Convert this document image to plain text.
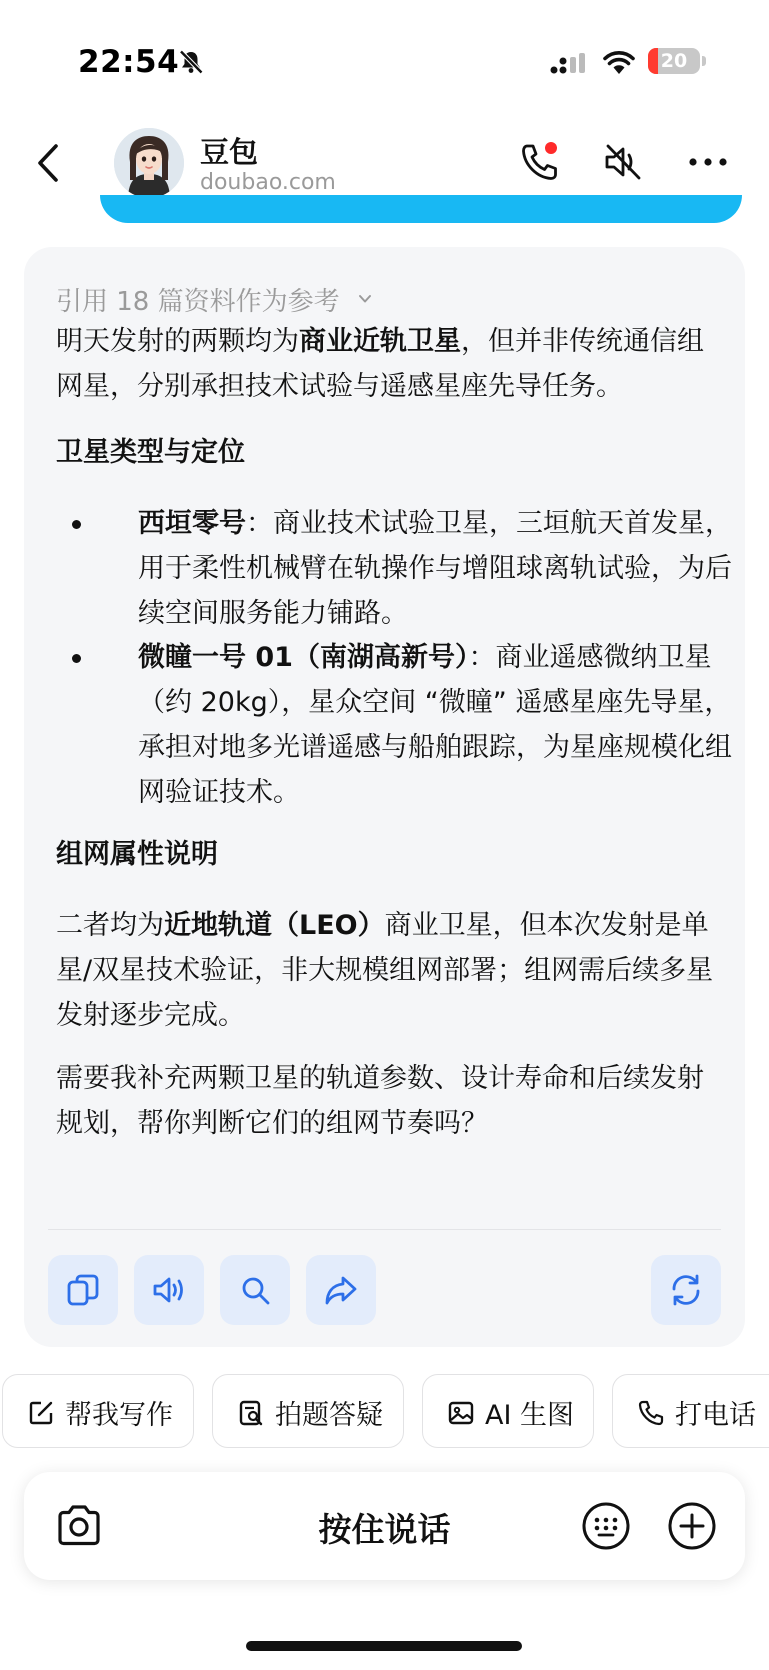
22:54	20
豆包
doubao.com
引用 18 篇资料作为参考
明天发射的两颗均为商业近轨卫星，但并非传统通信组网星，分别承担技术试验与遥感星座先导任务。
卫星类型与定位
西垣零号：商业技术试验卫星，三垣航天首发星，用于柔性机械臂在轨操作与增阻球离轨试验，为后续空间服务能力铺路。
微瞳一号 01（南湖高新号）：商业遥感微纳卫星（约 20kg），星众空间 “微瞳” 遥感星座先导星，承担对地多光谱遥感与船舶跟踪，为星座规模化组网验证技术。
组网属性说明
二者均为近地轨道（LEO）商业卫星，但本次发射是单星/双星技术验证，非大规模组网部署；组网需后续多星发射逐步完成。
需要我补充两颗卫星的轨道参数、设计寿命和后续发射规划，帮你判断它们的组网节奏吗？
帮我写作	拍题答疑	AI 生图	打电话
按住说话
